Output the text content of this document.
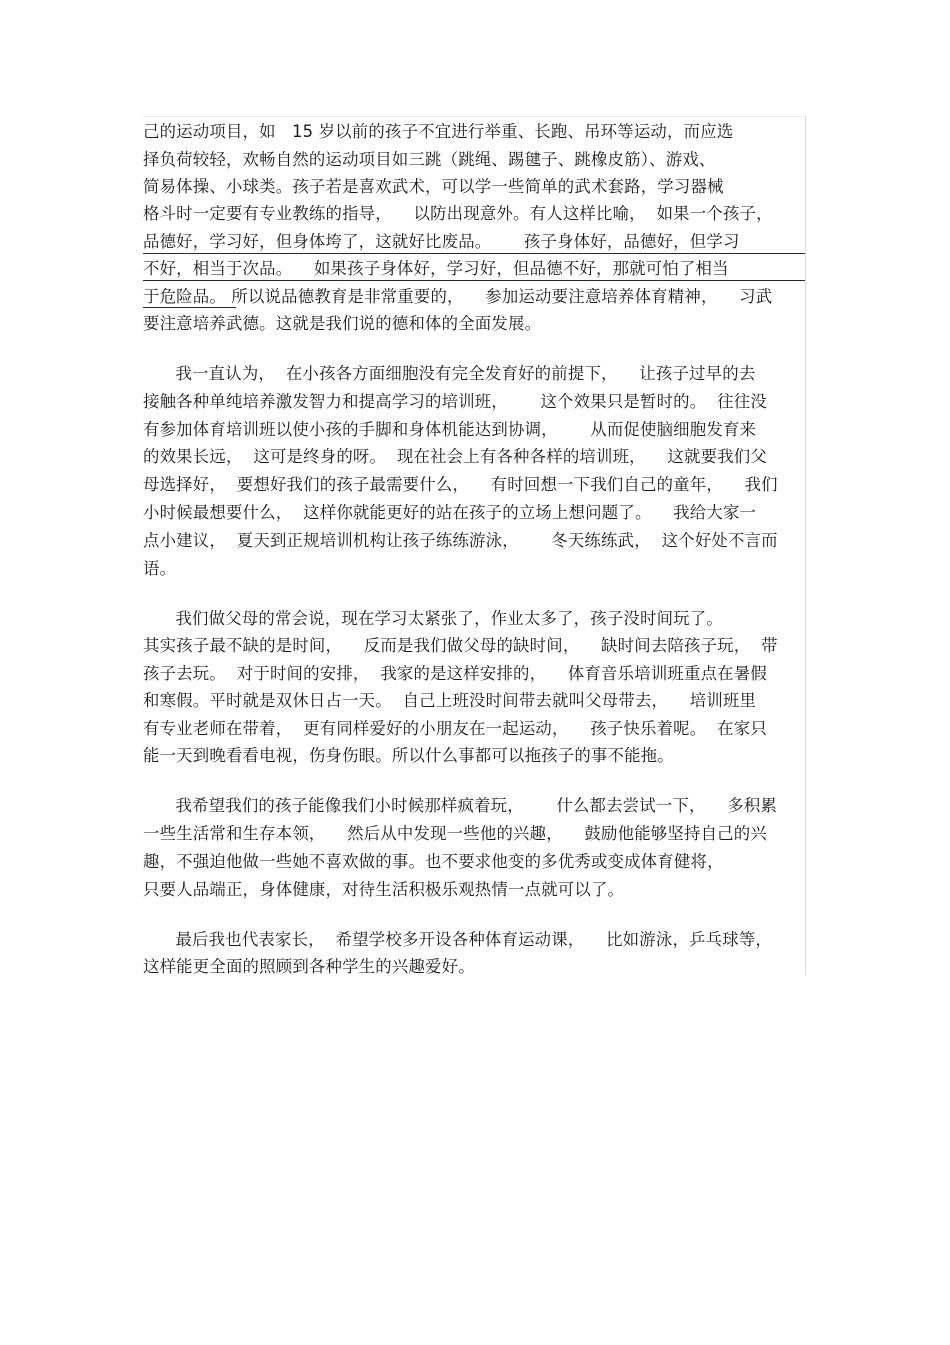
己的运动项目，如   15 岁以前的孩子不宜进行举重、长跑、吊环等运动，而应选
择负荷较轻，欢畅自然的运动项目如三跳（跳绳、踢毽子、跳橡皮筋）、游戏、
简易体操、小球类。孩子若是喜欢武术，可以学一些简单的武术套路，学习器械
格斗时一定要有专业教练的指导，    以防出现意外。有人这样比喻，  如果一个孩子，
品德好，学习好，但身体垮了，这就好比废品。      孩子身体好，品德好，但学习
不好，相当于次品。    如果孩子身体好，学习好，但品德不好，那就可怕了相当
于危险品。 所以说品德教育是非常重要的，    参加运动要注意培养体育精神，    习武
要注意培养武德。这就是我们说的德和体的全面发展。
我一直认为，  在小孩各方面细胞没有完全发育好的前提下，    让孩子过早的去
接触各种单纯培养激发智力和提高学习的培训班，      这个效果只是暂时的。  往往没
有参加体育培训班以使小孩的手脚和身体机能达到协调，      从而促使脑细胞发育来
的效果长远，  这可是终身的呀。  现在社会上有各种各样的培训班，    这就要我们父
母选择好，  要想好我们的孩子最需要什么，    有时回想一下我们自己的童年，    我们
小时候最想要什么，  这样你就能更好的站在孩子的立场上想问题了。    我给大家一
点小建议，  夏天到正规培训机构让孩子练练游泳，      冬天练练武，  这个好处不言而
语。
我们做父母的常会说，现在学习太紧张了，作业太多了，孩子没时间玩了。
其实孩子最不缺的是时间，    反而是我们做父母的缺时间，    缺时间去陪孩子玩，  带
孩子去玩。  对于时间的安排，  我家的是这样安排的，    体育音乐培训班重点在暑假
和寒假。平时就是双休日占一天。  自己上班没时间带去就叫父母带去，    培训班里
有专业老师在带着，  更有同样爱好的小朋友在一起运动，    孩子快乐着呢。  在家只
能一天到晚看看电视，伤身伤眼。所以什么事都可以拖孩子的事不能拖。
我希望我们的孩子能像我们小时候那样疯着玩，      什么都去尝试一下，    多积累
一些生活常和生存本领，    然后从中发现一些他的兴趣，    鼓励他能够坚持自己的兴
趣，不强迫他做一些她不喜欢做的事。也不要求他变的多优秀或变成体育健将，
只要人品端正，身体健康，对待生活积极乐观热情一点就可以了。
最后我也代表家长，  希望学校多开设各种体育运动课，    比如游泳，乒乓球等，
这样能更全面的照顾到各种学生的兴趣爱好。
